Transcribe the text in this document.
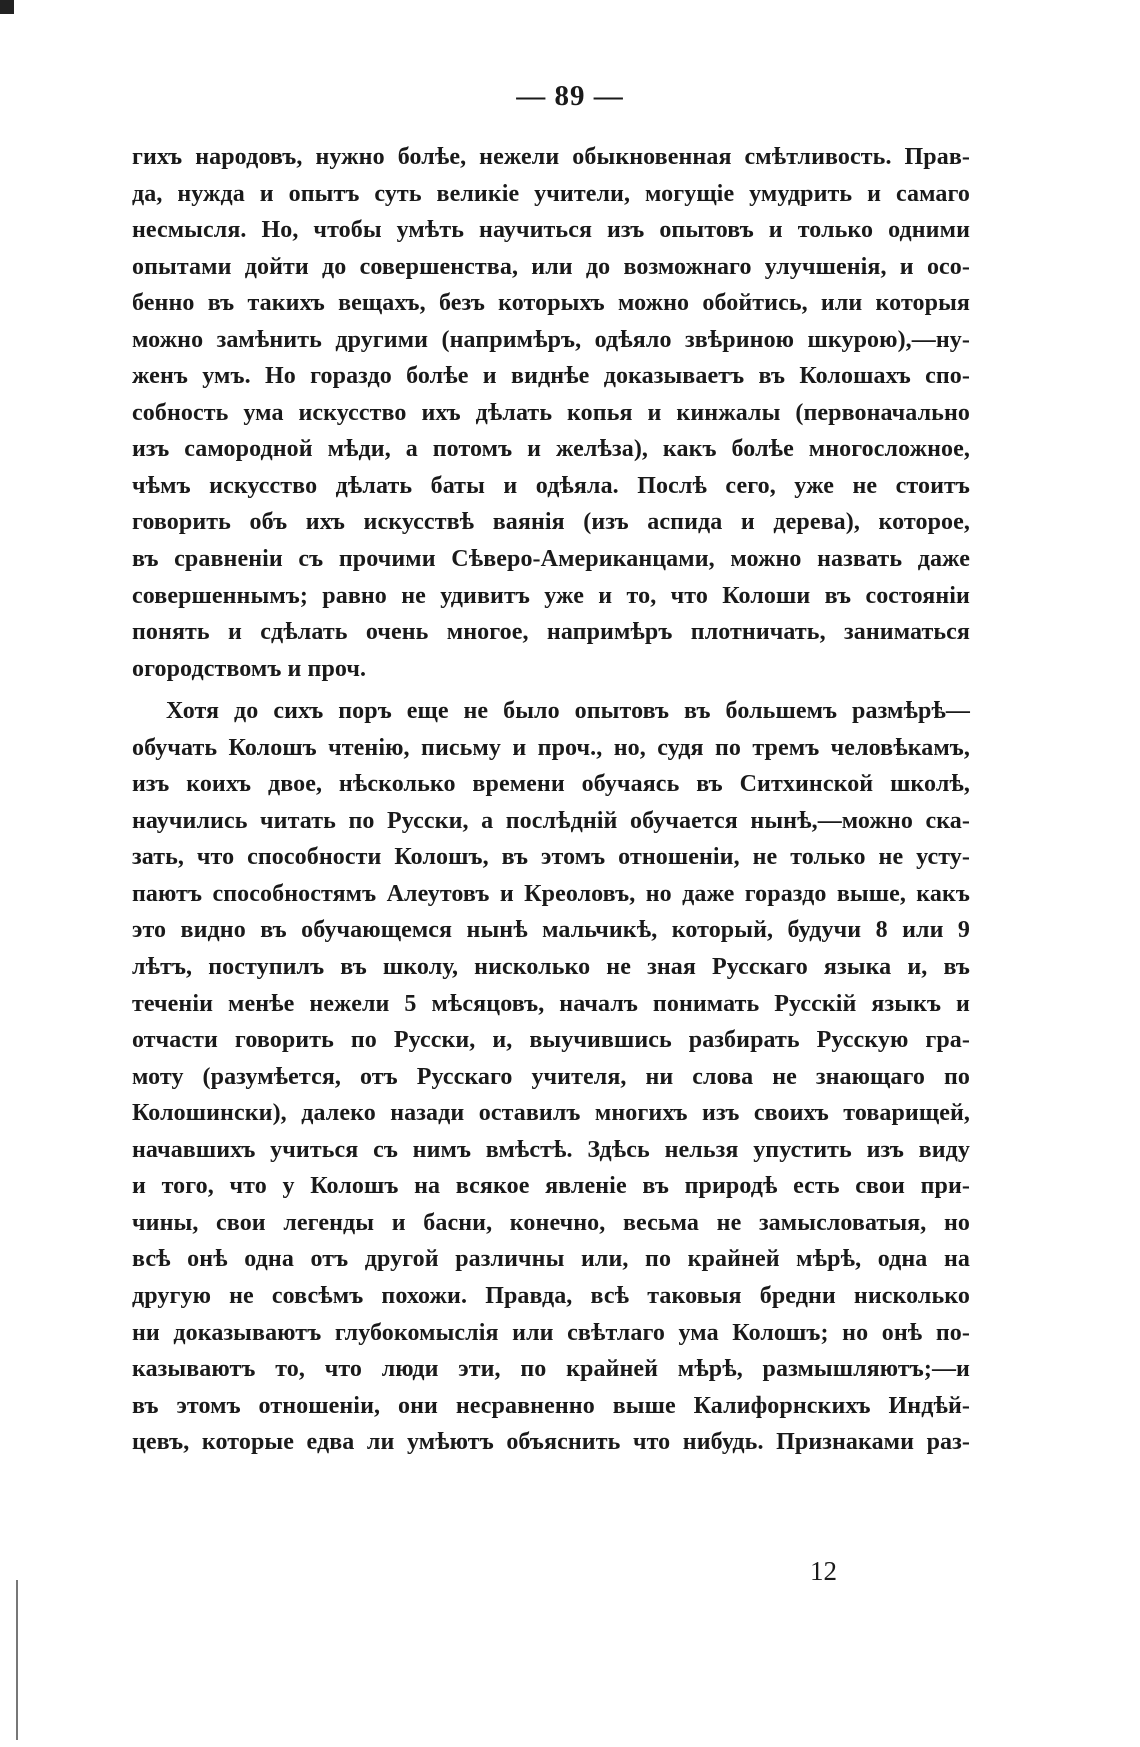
— 89 —
гихъ народовъ, нужно болѣе, нежели обыкновенная смѣтливость. Прав-
да, нужда и опытъ суть великіе учители, могущіе умудрить и самаго
несмысля. Но, чтобы умѣть научиться изъ опытовъ и только одними
опытами дойти до совершенства, или до возможнаго улучшенія, и осо-
бенно въ такихъ вещахъ, безъ которыхъ можно обойтись, или которыя
можно замѣнить другими (напримѣръ, одѣяло звѣриною шкурою),—ну-
женъ умъ. Но гораздо болѣе и виднѣе доказываетъ въ Колошахъ спо-
собность ума искусство ихъ дѣлать копья и кинжалы (первоначально
изъ самородной мѣди, а потомъ и желѣза), какъ болѣе многосложное,
чѣмъ искусство дѣлать баты и одѣяла. Послѣ сего, уже не стоитъ
говорить объ ихъ искусствѣ ваянія (изъ аспида и дерева), которое,
въ сравненіи съ прочими Сѣверо-Американцами, можно назвать даже
совершеннымъ; равно не удивитъ уже и то, что Колоши въ состояніи
понять и сдѣлать очень многое, напримѣръ плотничать, заниматься
огородствомъ и проч.
Хотя до сихъ поръ еще не было опытовъ въ большемъ размѣрѣ—
обучать Колошъ чтенію, письму и проч., но, судя по тремъ человѣкамъ,
изъ коихъ двое, нѣсколько времени обучаясь въ Ситхинской школѣ,
научились читать по Русски, а послѣдній обучается нынѣ,—можно ска-
зать, что способности Колошъ, въ этомъ отношеніи, не только не усту-
паютъ способностямъ Алеутовъ и Креоловъ, но даже гораздо выше, какъ
это видно въ обучающемся нынѣ мальчикѣ, который, будучи 8 или 9
лѣтъ, поступилъ въ школу, нисколько не зная Русскаго языка и, въ
теченіи менѣе нежели 5 мѣсяцовъ, началъ понимать Русскій языкъ и
отчасти говорить по Русски, и, выучившись разбирать Русскую гра-
моту (разумѣется, отъ Русскаго учителя, ни слова не знающаго по
Колошински), далеко назади оставилъ многихъ изъ своихъ товарищей,
начавшихъ учиться съ нимъ вмѣстѣ. Здѣсь нельзя упустить изъ виду
и того, что у Колошъ на всякое явленіе въ природѣ есть свои при-
чины, свои легенды и басни, конечно, весьма не замысловатыя, но
всѣ онѣ одна отъ другой различны или, по крайней мѣрѣ, одна на
другую не совсѣмъ похожи. Правда, всѣ таковыя бредни нисколько
ни доказываютъ глубокомыслія или свѣтлаго ума Колошъ; но онѣ по-
казываютъ то, что люди эти, по крайней мѣрѣ, размышляютъ;—и
въ этомъ отношеніи, они несравненно выше Калифорнскихъ Индѣй-
цевъ, которые едва ли умѣютъ объяснить что нибудь. Признаками раз-
12
